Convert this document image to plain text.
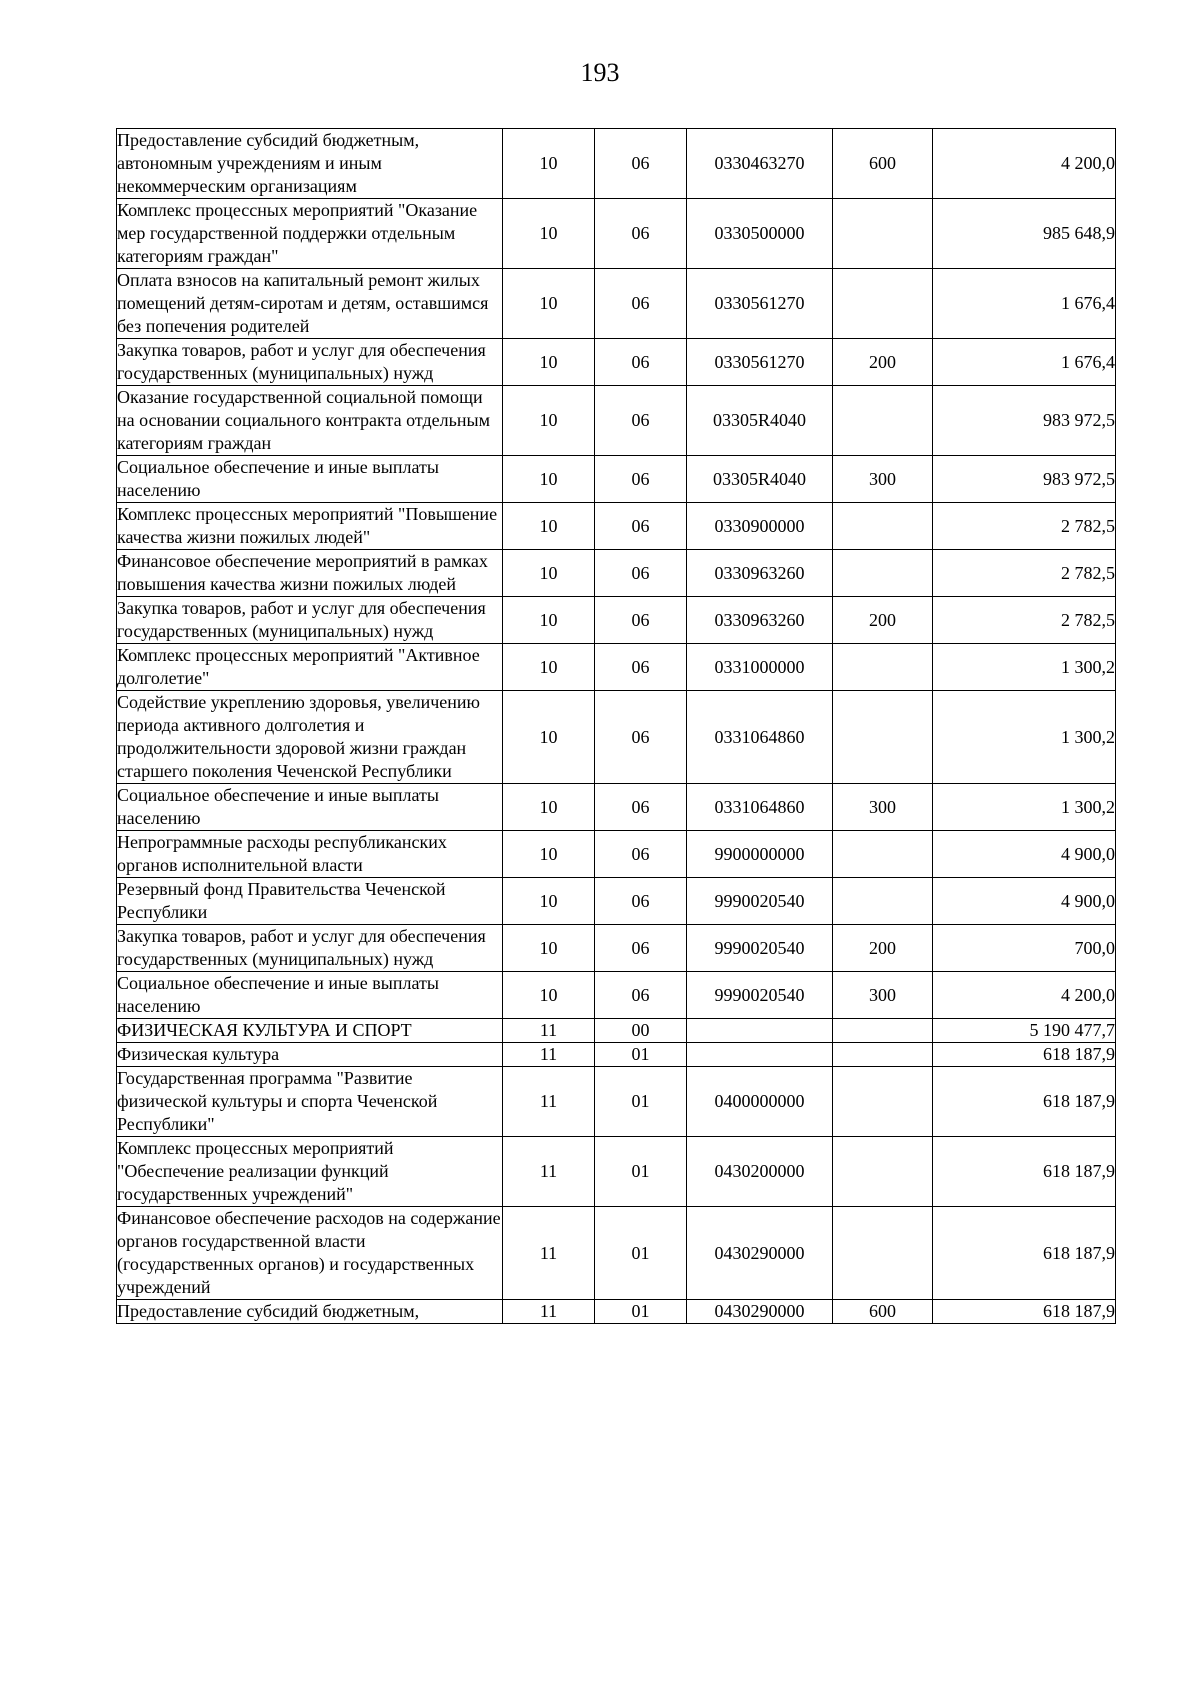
193
Предоставление субсидий бюджетным, автономным учреждениям и иным некоммерческим организациям	10	06	0330463270	600	4 200,0
Комплекс процессных мероприятий "Оказание мер государственной поддержки отдельным категориям граждан"	10	06	0330500000		985 648,9
Оплата взносов на капитальный ремонт жилых помещений детям-сиротам и детям, оставшимся без попечения родителей	10	06	0330561270		1 676,4
Закупка товаров, работ и услуг для обеспечения государственных (муниципальных) нужд	10	06	0330561270	200	1 676,4
Оказание государственной социальной помощи на основании социального контракта отдельным категориям граждан	10	06	03305R4040		983 972,5
Социальное обеспечение и иные выплаты населению	10	06	03305R4040	300	983 972,5
Комплекс процессных мероприятий "Повышение качества жизни пожилых людей"	10	06	0330900000		2 782,5
Финансовое обеспечение мероприятий в рамках повышения качества жизни пожилых людей	10	06	0330963260		2 782,5
Закупка товаров, работ и услуг для обеспечения государственных (муниципальных) нужд	10	06	0330963260	200	2 782,5
Комплекс процессных мероприятий "Активное долголетие"	10	06	0331000000		1 300,2
Содействие укреплению здоровья, увеличению периода активного долголетия и продолжительности здоровой жизни граждан старшего поколения Чеченской Республики	10	06	0331064860		1 300,2
Социальное обеспечение и иные выплаты населению	10	06	0331064860	300	1 300,2
Непрограммные расходы республиканских органов исполнительной власти	10	06	9900000000		4 900,0
Резервный фонд Правительства Чеченской Республики	10	06	9990020540		4 900,0
Закупка товаров, работ и услуг для обеспечения государственных (муниципальных) нужд	10	06	9990020540	200	700,0
Социальное обеспечение и иные выплаты населению	10	06	9990020540	300	4 200,0
ФИЗИЧЕСКАЯ КУЛЬТУРА И СПОРТ	11	00			5 190 477,7
Физическая культура	11	01			618 187,9
Государственная программа "Развитие физической культуры и спорта Чеченской Республики"	11	01	0400000000		618 187,9
Комплекс процессных мероприятий "Обеспечение реализации функций государственных учреждений"	11	01	0430200000		618 187,9
Финансовое обеспечение расходов на содержание органов государственной власти (государственных органов) и государственных учреждений	11	01	0430290000		618 187,9
Предоставление субсидий бюджетным,	11	01	0430290000	600	618 187,9
